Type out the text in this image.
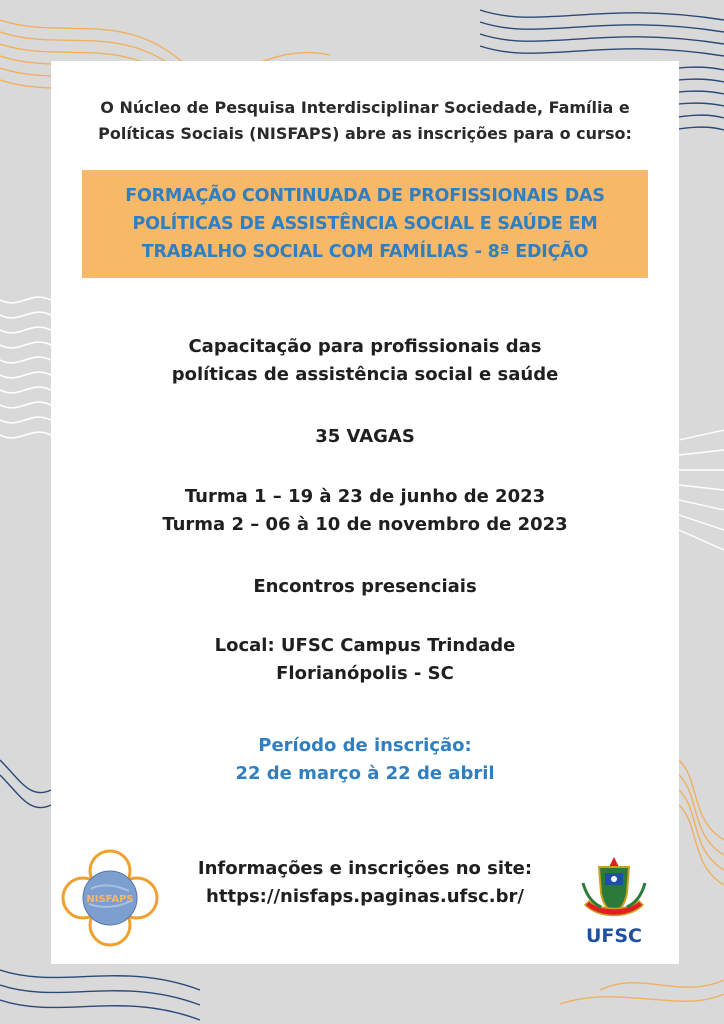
O Núcleo de Pesquisa Interdisciplinar Sociedade, Família e
Políticas Sociais (NISFAPS) abre as inscrições para o curso:
FORMAÇÃO CONTINUADA DE PROFISSIONAIS DAS
POLÍTICAS DE ASSISTÊNCIA SOCIAL E SAÚDE EM
TRABALHO SOCIAL COM FAMÍLIAS - 8ª EDIÇÃO
Capacitação para profissionais das
políticas de assistência social e saúde
35 VAGAS
Turma 1 – 19 à 23 de junho de 2023
Turma 2 – 06 à 10 de novembro de 2023
Encontros presenciais
Local: UFSC Campus Trindade
Florianópolis - SC
Período de inscrição:
22 de março à 22 de abril
Informações e inscrições no site:
https://nisfaps.paginas.ufsc.br/
NISFAPS
UFSC
